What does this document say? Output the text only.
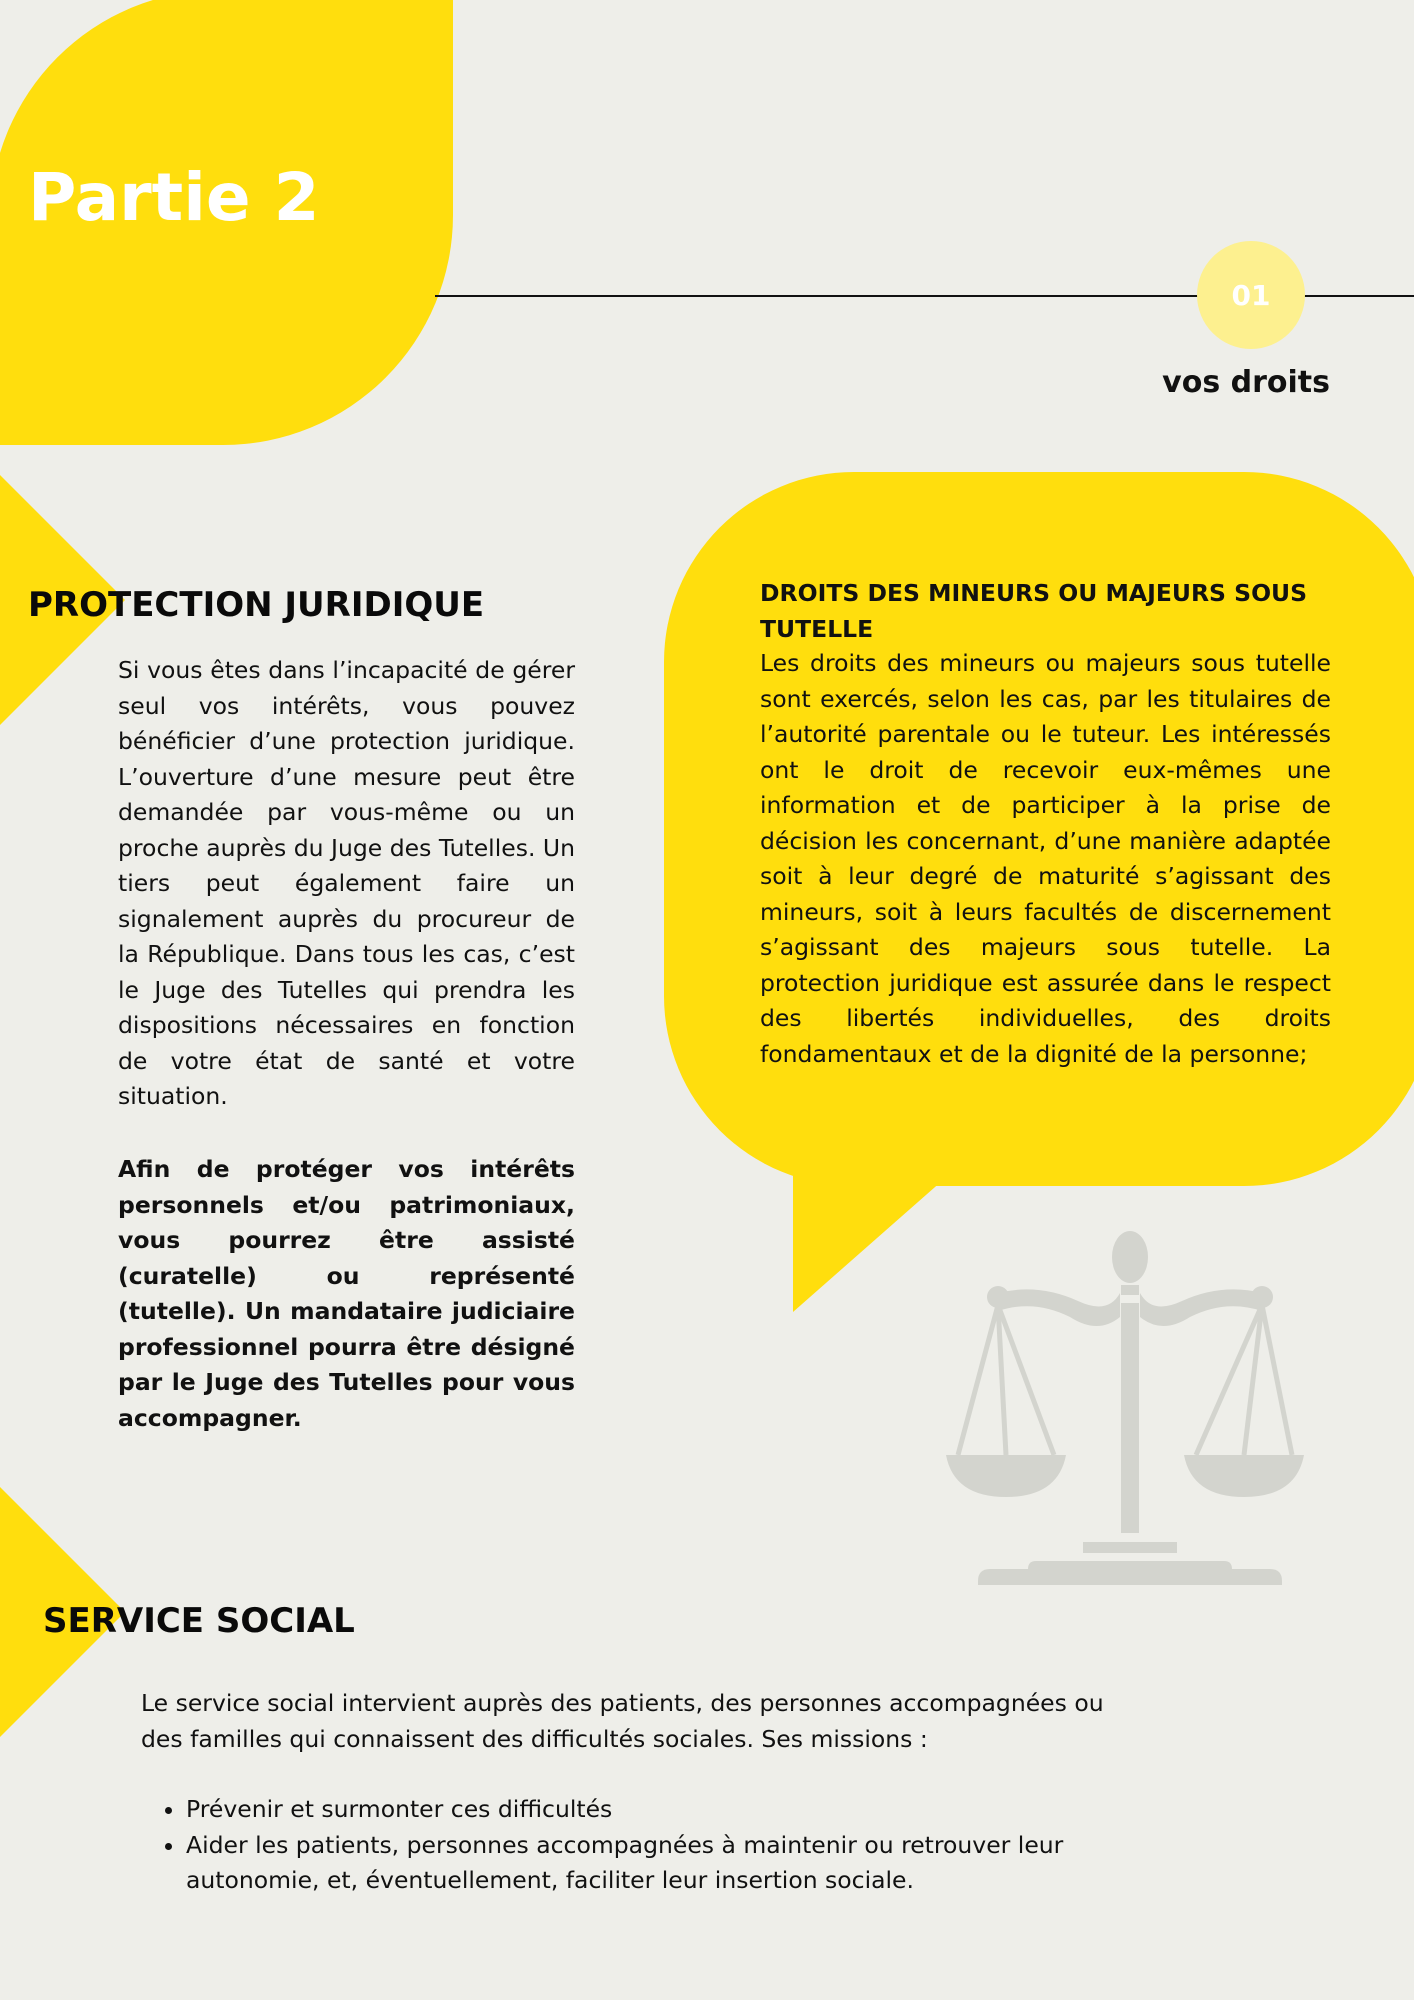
Partie 2
01
vos droits
PROTECTION JURIDIQUE

Si vous êtes dans l’incapacité de gérer seul vos intérêts, vous pouvez bénéficier d’une protection juridique. L’ouverture d’une mesure peut être demandée par vous-même ou un proche auprès du Juge des Tutelles. Un tiers peut également faire un signalement auprès du procureur de la République. Dans tous les cas, c’est le Juge des Tutelles qui prendra les dispositions nécessaires en fonction de votre état de santé et votre situation.

Afin de protéger vos intérêts personnels et/ou patrimoniaux, vous pourrez être assisté (curatelle) ou représenté (tutelle). Un mandataire judiciaire professionnel pourra être désigné par le Juge des Tutelles pour vous accompagner.

DROITS DES MINEURS OU MAJEURS SOUS TUTELLE

Les droits des mineurs ou majeurs sous tutelle sont exercés, selon les cas, par les titulaires de l’autorité parentale ou le tuteur. Les intéressés ont le droit de recevoir eux-mêmes une information et de participer à la prise de décision les concernant, d’une manière adaptée soit à leur degré de maturité s’agissant des mineurs, soit à leurs facultés de discernement s’agissant des majeurs sous tutelle. La protection juridique est assurée dans le respect des libertés individuelles, des droits fondamentaux et de la dignité de la personne;

SERVICE SOCIAL

Le service social intervient auprès des patients, des personnes accompagnées ou des familles qui connaissent des difficultés sociales. Ses missions :

• Prévenir et surmonter ces difficultés
• Aider les patients, personnes accompagnées à maintenir ou retrouver leur autonomie, et, éventuellement, faciliter leur insertion sociale.
